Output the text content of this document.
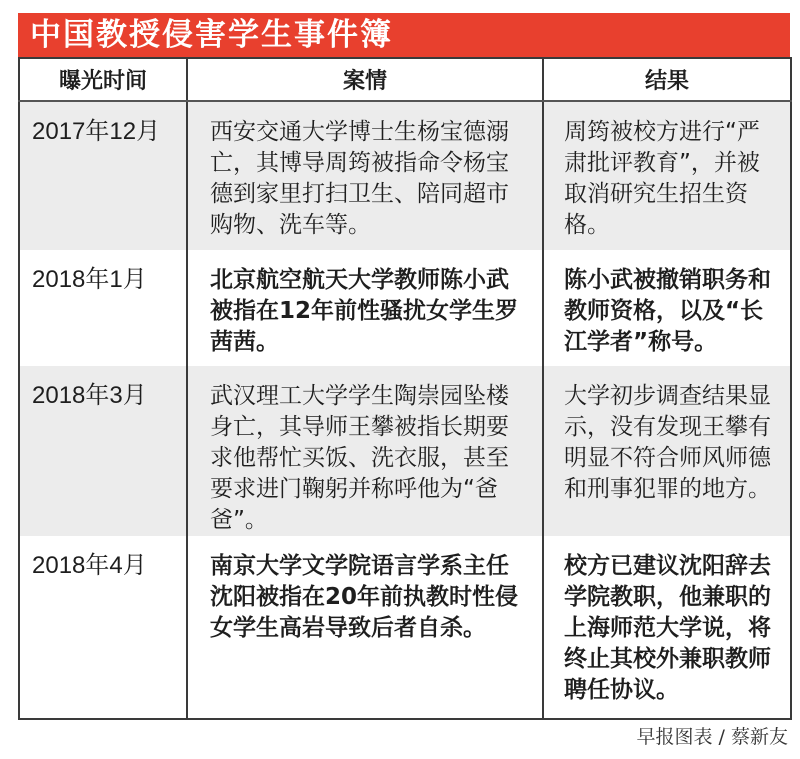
中国教授侵害学生事件簿
曝光时间	案情	结果
2017年12月	西安交通大学博士生杨宝德溺亡，其博导周筠被指命令杨宝德到家里打扫卫生、陪同超市购物、洗车等。	周筠被校方进行“严肃批评教育”，并被取消研究生招生资格。
2018年1月	北京航空航天大学教师陈小武被指在12年前性骚扰女学生罗茜茜。	陈小武被撤销职务和教师资格，以及“长江学者”称号。
2018年3月	武汉理工大学学生陶崇园坠楼身亡，其导师王攀被指长期要求他帮忙买饭、洗衣服，甚至要求进门鞠躬并称呼他为“爸爸”。	大学初步调查结果显示，没有发现王攀有明显不符合师风师德和刑事犯罪的地方。
2018年4月	南京大学文学院语言学系主任沈阳被指在20年前执教时性侵女学生高岩导致后者自杀。	校方已建议沈阳辞去学院教职，他兼职的上海师范大学说，将终止其校外兼职教师聘任协议。
早报图表 / 蔡新友
